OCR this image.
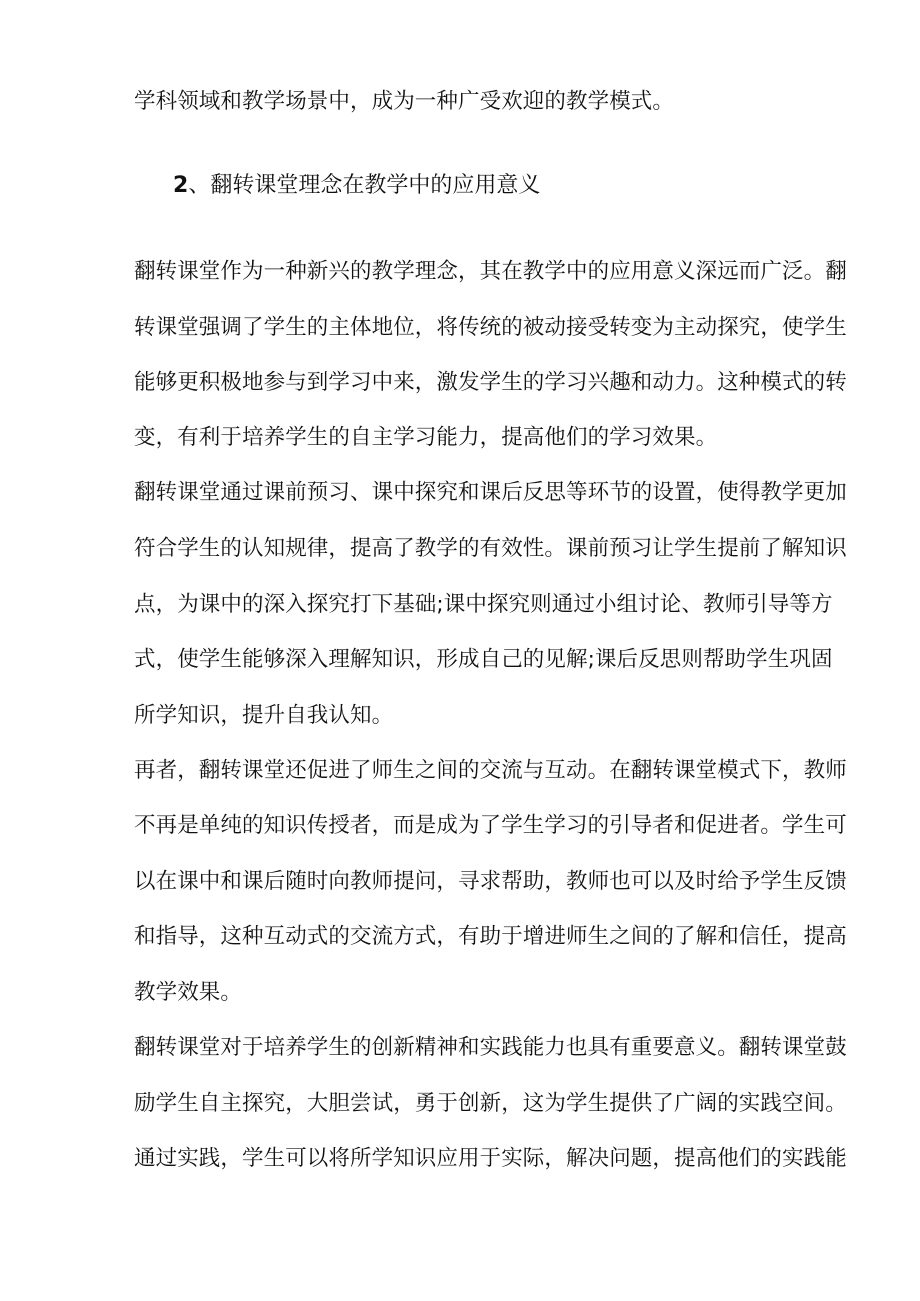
学科领域和教学场景中，成为一种广受欢迎的教学模式。
2、翻转课堂理念在教学中的应用意义
翻转课堂作为一种新兴的教学理念，其在教学中的应用意义深远而广泛。翻
转课堂强调了学生的主体地位，将传统的被动接受转变为主动探究，使学生
能够更积极地参与到学习中来，激发学生的学习兴趣和动力。这种模式的转
变，有利于培养学生的自主学习能力，提高他们的学习效果。
翻转课堂通过课前预习、课中探究和课后反思等环节的设置，使得教学更加
符合学生的认知规律，提高了教学的有效性。课前预习让学生提前了解知识
点，为课中的深入探究打下基础;课中探究则通过小组讨论、教师引导等方
式，使学生能够深入理解知识，形成自己的见解;课后反思则帮助学生巩固
所学知识，提升自我认知。
再者，翻转课堂还促进了师生之间的交流与互动。在翻转课堂模式下，教师
不再是单纯的知识传授者，而是成为了学生学习的引导者和促进者。学生可
以在课中和课后随时向教师提问，寻求帮助，教师也可以及时给予学生反馈
和指导，这种互动式的交流方式，有助于增进师生之间的了解和信任，提高
教学效果。
翻转课堂对于培养学生的创新精神和实践能力也具有重要意义。翻转课堂鼓
励学生自主探究，大胆尝试，勇于创新，这为学生提供了广阔的实践空间。
通过实践，学生可以将所学知识应用于实际，解决问题，提高他们的实践能
